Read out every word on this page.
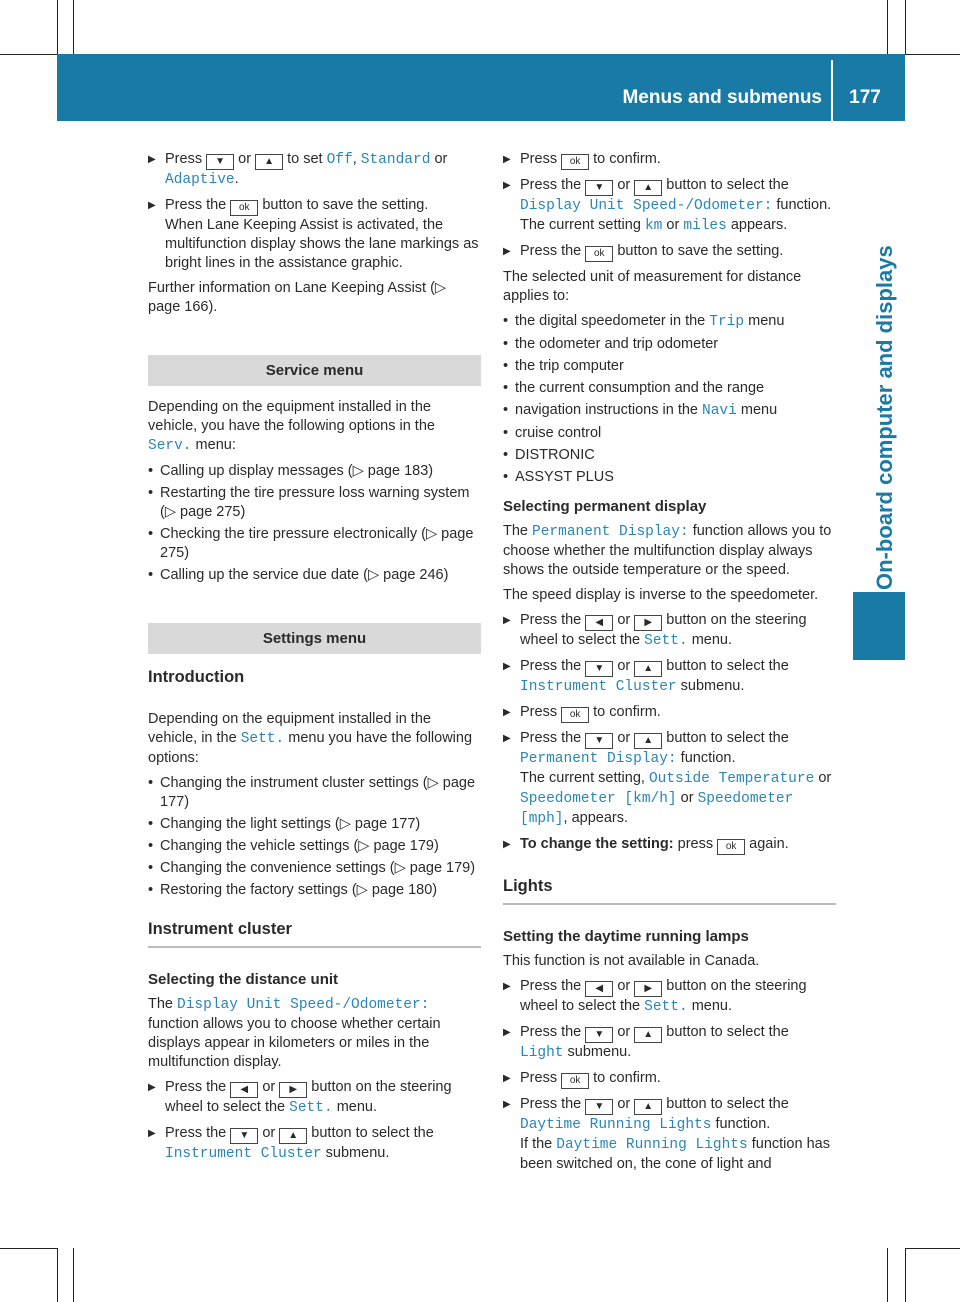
Menus and submenus	177
On-board computer and displays
▶ Press ▼ or ▲ to set Off, Standard or Adaptive.
▶ Press the ok button to save the setting.
When Lane Keeping Assist is activated, the multifunction display shows the lane markings as bright lines in the assistance graphic.

Further information on Lane Keeping Assist (▷ page 166).

Service menu

Depending on the equipment installed in the vehicle, you have the following options in the Serv. menu:

• Calling up display messages (▷ page 183)
• Restarting the tire pressure loss warning system (▷ page 275)
• Checking the tire pressure electronically (▷ page 275)
• Calling up the service due date (▷ page 246)
Settings menu
Introduction

Depending on the equipment installed in the vehicle, in the Sett. menu you have the following options:

• Changing the instrument cluster settings (▷ page 177)
• Changing the light settings (▷ page 177)
• Changing the vehicle settings (▷ page 179)
• Changing the convenience settings (▷ page 179)
• Restoring the factory settings (▷ page 180)
Instrument cluster
Selecting the distance unit

The Display Unit Speed-/Odometer: function allows you to choose whether certain displays appear in kilometers or miles in the multifunction display.

▶ Press the ◀ or ▶ button on the steering wheel to select the Sett. menu.
▶ Press the ▼ or ▲ button to select the Instrument Cluster submenu.
▶ Press ok to confirm.
▶ Press the ▼ or ▲ button to select the Display Unit Speed-/Odometer: function.
The current setting km or miles appears.
▶ Press the ok button to save the setting.

The selected unit of measurement for distance applies to:

• the digital speedometer in the Trip menu
• the odometer and trip odometer
• the trip computer
• the current consumption and the range
• navigation instructions in the Navi menu
• cruise control
• DISTRONIC
• ASSYST PLUS
Selecting permanent display

The Permanent Display: function allows you to choose whether the multifunction display always shows the outside temperature or the speed.

The speed display is inverse to the speedometer.

▶ Press the ◀ or ▶ button on the steering wheel to select the Sett. menu.
▶ Press the ▼ or ▲ button to select the Instrument Cluster submenu.
▶ Press ok to confirm.
▶ Press the ▼ or ▲ button to select the Permanent Display: function.
The current setting, Outside Temperature or Speedometer [km/h] or Speedometer [mph], appears.
▶ To change the setting: press ok again.
Lights
Setting the daytime running lamps

This function is not available in Canada.

▶ Press the ◀ or ▶ button on the steering wheel to select the Sett. menu.
▶ Press the ▼ or ▲ button to select the Light submenu.
▶ Press ok to confirm.
▶ Press the ▼ or ▲ button to select the Daytime Running Lights function.
If the Daytime Running Lights function has been switched on, the cone of light and
